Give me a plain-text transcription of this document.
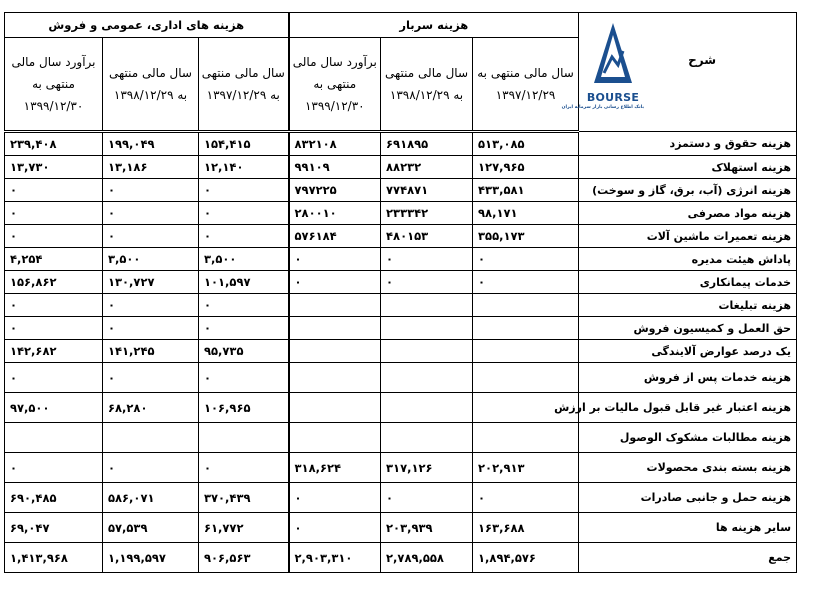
هزینه های اداری، عمومی و فروش			هزینه سربار			BOURSE
بانک اطلاع رسانی بازار سرمایه ایران
شرح

برآورد سال مالی منتهی به ۱۳۹۹/۱۲/۳۰	سال مالی منتهی به ۱۳۹۸/۱۲/۲۹	سال مالی منتهی به ۱۳۹۷/۱۲/۲۹	برآورد سال مالی منتهی به ۱۳۹۹/۱۲/۳۰	سال مالی منتهی به ۱۳۹۸/۱۲/۲۹	سال مالی منتهی به ۱۳۹۷/۱۲/۲۹	
۲۳۹,۴۰۸	۱۹۹,۰۴۹	۱۵۴,۴۱۵	۸۳۲۱۰۸	۶۹۱۸۹۵	۵۱۳,۰۸۵	هزینه حقوق و دستمزد
۱۳,۷۳۰	۱۳,۱۸۶	۱۲,۱۴۰	۹۹۱۰۹	۸۸۲۳۲	۱۲۷,۹۶۵	هزینه استهلاک
۰	۰	۰	۷۹۷۲۲۵	۷۷۴۸۷۱	۴۳۳,۵۸۱	هزینه انرژی (آب، برق، گاز و سوخت)
۰	۰	۰	۲۸۰۰۱۰	۲۳۳۳۴۲	۹۸,۱۷۱	هزینه مواد مصرفی
۰	۰	۰	۵۷۶۱۸۴	۴۸۰۱۵۳	۳۵۵,۱۷۳	هزینه تعمیرات ماشین آلات
۴,۲۵۴	۳,۵۰۰	۳,۵۰۰	۰	۰	۰	پاداش هیئت مدیره
۱۵۶,۸۶۲	۱۳۰,۷۲۷	۱۰۱,۵۹۷	۰	۰	۰	خدمات پیمانکاری
۰	۰	۰				هزینه تبلیغات
۰	۰	۰				حق العمل و کمیسیون فروش
۱۴۲,۶۸۲	۱۴۱,۲۴۵	۹۵,۷۳۵				یک درصد عوارض آلایندگی
۰	۰	۰				هزینه خدمات پس از فروش
۹۷,۵۰۰	۶۸,۲۸۰	۱۰۶,۹۶۵				هزینه اعتبار غیر قابل قبول مالیات بر ارزش
						هزینه مطالبات مشکوک الوصول
۰	۰	۰	۳۱۸,۶۲۴	۳۱۷,۱۲۶	۲۰۲,۹۱۳	هزینه بسته بندی محصولات
۶۹۰,۴۸۵	۵۸۶,۰۷۱	۳۷۰,۴۳۹	۰	۰	۰	هزینه حمل و جانبی صادرات
۶۹,۰۴۷	۵۷,۵۳۹	۶۱,۷۷۲	۰	۲۰۳,۹۳۹	۱۶۳,۶۸۸	سایر هزینه ها
۱,۴۱۳,۹۶۸	۱,۱۹۹,۵۹۷	۹۰۶,۵۶۳	۲,۹۰۳,۳۱۰	۲,۷۸۹,۵۵۸	۱,۸۹۴,۵۷۶	جمع
